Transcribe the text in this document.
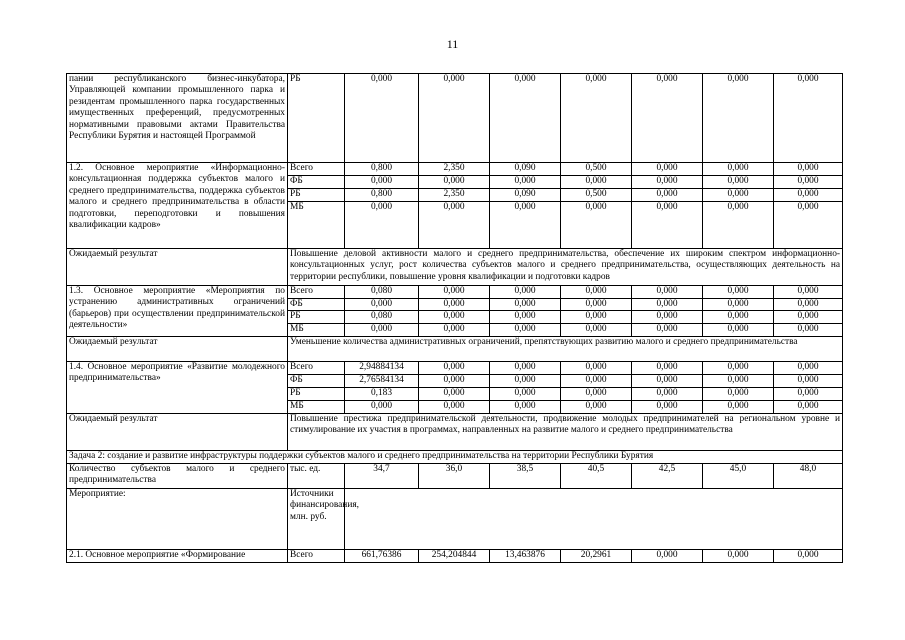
11
пании республиканского бизнес-инкубатора, Управляющей компании промышленного парка и резидентам промышленного парка государственных имущественных преференций, предусмотренных нормативными правовыми актами Правительства Республики Бурятия и настоящей Программой	РБ	0,000	0,000	0,000	0,000	0,000	0,000	0,000
1.2. Основное мероприятие «Информационно-консультационная поддержка субъектов малого и среднего предпринимательства, поддержка субъектов малого и среднего предпринимательства в области подготовки, переподготовки и повышения квалификации кадров»	Всего	0,800	2,350	0,090	0,500	0,000	0,000	0,000
	ФБ	0,000	0,000	0,000	0,000	0,000	0,000	0,000
	РБ	0,800	2,350	0,090	0,500	0,000	0,000	0,000
	МБ	0,000	0,000	0,000	0,000	0,000	0,000	0,000
Ожидаемый результат	Повышение деловой активности малого и среднего предпринимательства, обеспечение их широким спектром информационно-консультационных услуг, рост количества субъектов малого и среднего предпринимательства, осуществляющих деятельность на территории республики, повышение уровня квалификации и подготовки кадров							
1.3. Основное мероприятие «Мероприятия по устранению административных ограничений (барьеров) при осуществлении предпринимательской деятельности»	Всего	0,080	0,000	0,000	0,000	0,000	0,000	0,000
	ФБ	0,000	0,000	0,000	0,000	0,000	0,000	0,000
	РБ	0,080	0,000	0,000	0,000	0,000	0,000	0,000
	МБ	0,000	0,000	0,000	0,000	0,000	0,000	0,000
Ожидаемый результат	Уменьшение количества административных ограничений, препятствующих развитию малого и среднего предпринимательства							
1.4. Основное мероприятие «Развитие молодежного предпринимательства»	Всего	2,94884134	0,000	0,000	0,000	0,000	0,000	0,000
	ФБ	2,76584134	0,000	0,000	0,000	0,000	0,000	0,000
	РБ	0,183	0,000	0,000	0,000	0,000	0,000	0,000
	МБ	0,000	0,000	0,000	0,000	0,000	0,000	0,000
Ожидаемый результат	Повышение престижа предпринимательской деятельности, продвижение молодых предпринимателей на региональном уровне и стимулирование их участия в программах, направленных на развитие малого и среднего предпринимательства							
Задача 2: создание и развитие инфраструктуры поддержки субъектов малого и среднего предпринимательства на территории Республики Бурятия								
Количество субъектов малого и среднего предпринимательства	тыс. ед.	34,7	36,0	38,5	40,5	42,5	45,0	48,0
Мероприятие:	Источники финансирования, млн. руб.							
2.1. Основное мероприятие «Формирование	Всего	661,76386	254,204844	13,463876	20,2961	0,000	0,000	0,000
